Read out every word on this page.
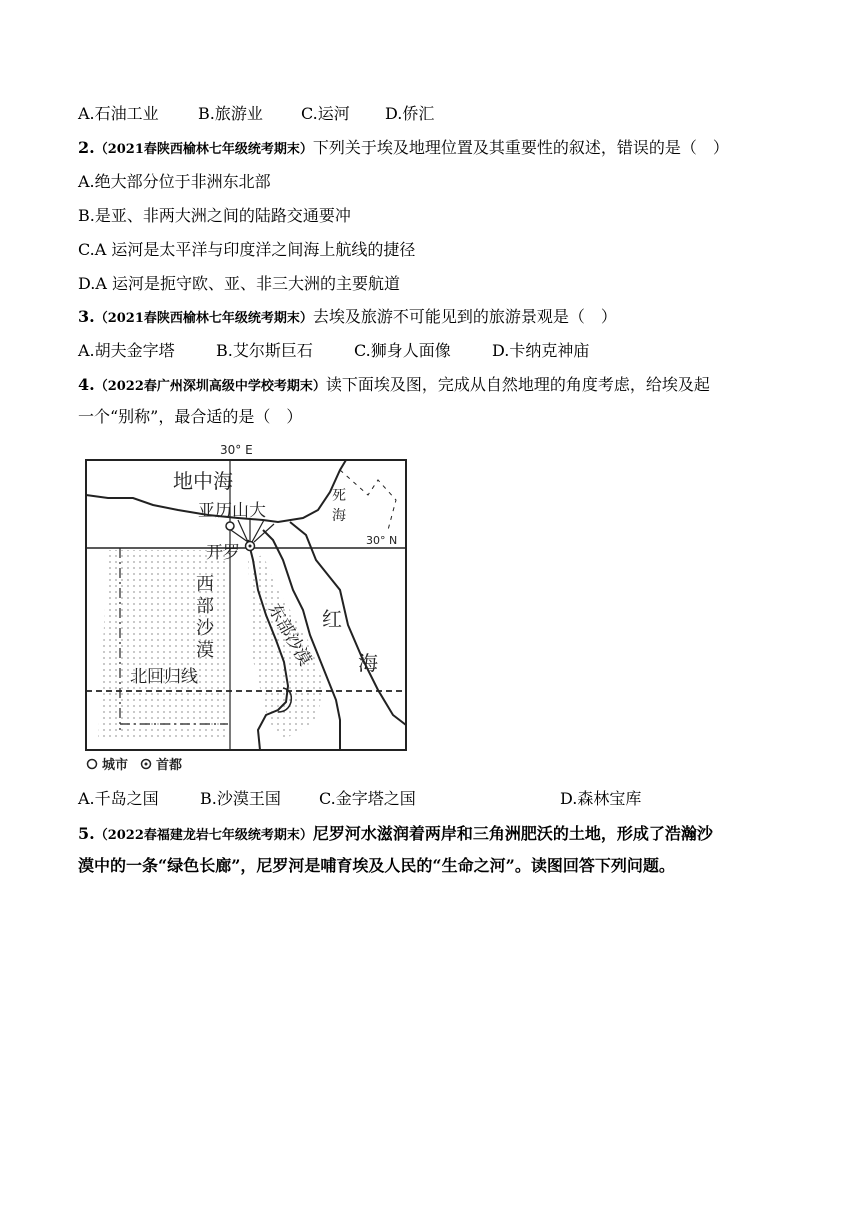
A.石油工业 B.旅游业 C.运河 D.侨汇
2.（2021春陕西榆林七年级统考期末）下列关于埃及地理位置及其重要性的叙述，错误的是（　）
A.绝大部分位于非洲东北部
B.是亚、非两大洲之间的陆路交通要冲
C.A 运河是太平洋与印度洋之间海上航线的捷径
D.A 运河是扼守欧、亚、非三大洲的主要航道
3.（2021春陕西榆林七年级统考期末）去埃及旅游不可能见到的旅游景观是（　）
A.胡夫金字塔	B.艾尔斯巨石	C.狮身人面像	D.卡纳克神庙
4.（2022春广州深圳高级中学校考期末）读下面埃及图，完成从自然地理的角度考虑，给埃及起
一个“别称”，最合适的是（　）
30° E
30° N
地中海
亚历山大
开罗
死
海
西
部
沙
漠	东部沙漠 红
海
北回归线
城市 首都
A.千岛之国	B.沙漠王国 C.金字塔之国	D.森林宝库
5.（2022春福建龙岩七年级统考期末）尼罗河水滋润着两岸和三角洲肥沃的土地，形成了浩瀚沙
漠中的一条“绿色长廊”，尼罗河是哺育埃及人民的“生命之河”。读图回答下列问题。
